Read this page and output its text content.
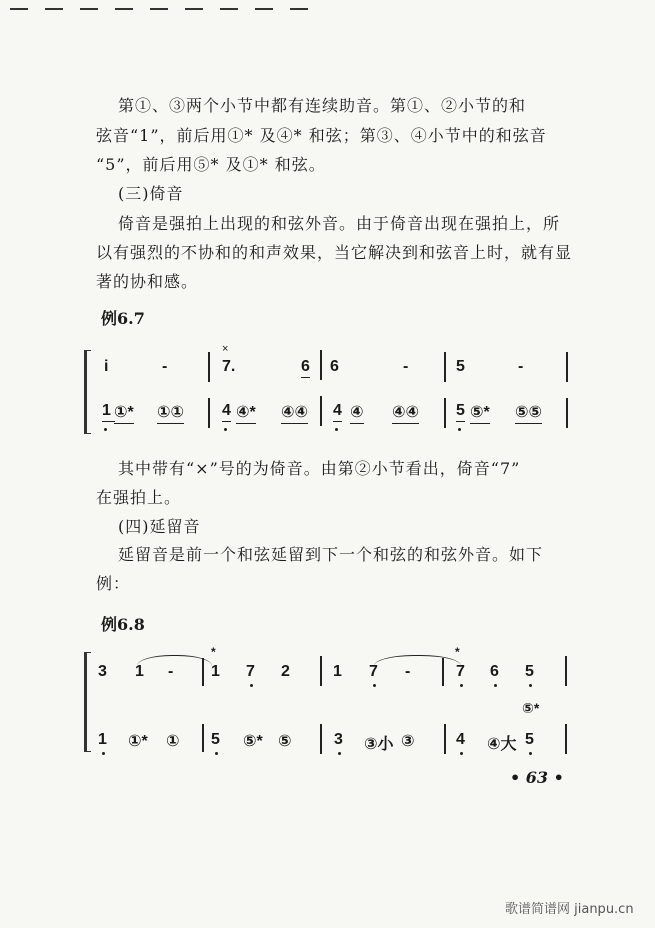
第①、③两个小节中都有连续助音。第①、②小节的和
弦音“1”，前后用①* 及④* 和弦；第③、④小节中的和弦音
“5”，前后用⑤* 及①* 和弦。
(三)倚音
倚音是强拍上出现的和弦外音。由于倚音出现在强拍上，所
以有强烈的不协和的和声效果，当它解决到和弦音上时，就有显
著的协和感。
例6.7
i	-
×
7.	6 6	-	5	-
1 ①* ①① 4 ④* ④④ 4 ④ ④④ 5 ⑤* ⑤⑤
其中带有“×”号的为倚音。由第②小节看出，倚音“7”
在强拍上。
(四)延留音
延留音是前一个和弦延留到下一个和弦的和弦外音。如下
例：
例6.8
3 1 -
*
1 7 2	1 7 -
*
7 6 5
⑤*
1 ①* ① 5 ⑤* ⑤	3 ③小 ③	4 ④大 5
• 63 •
歌谱简谱网 jianpu.cn
